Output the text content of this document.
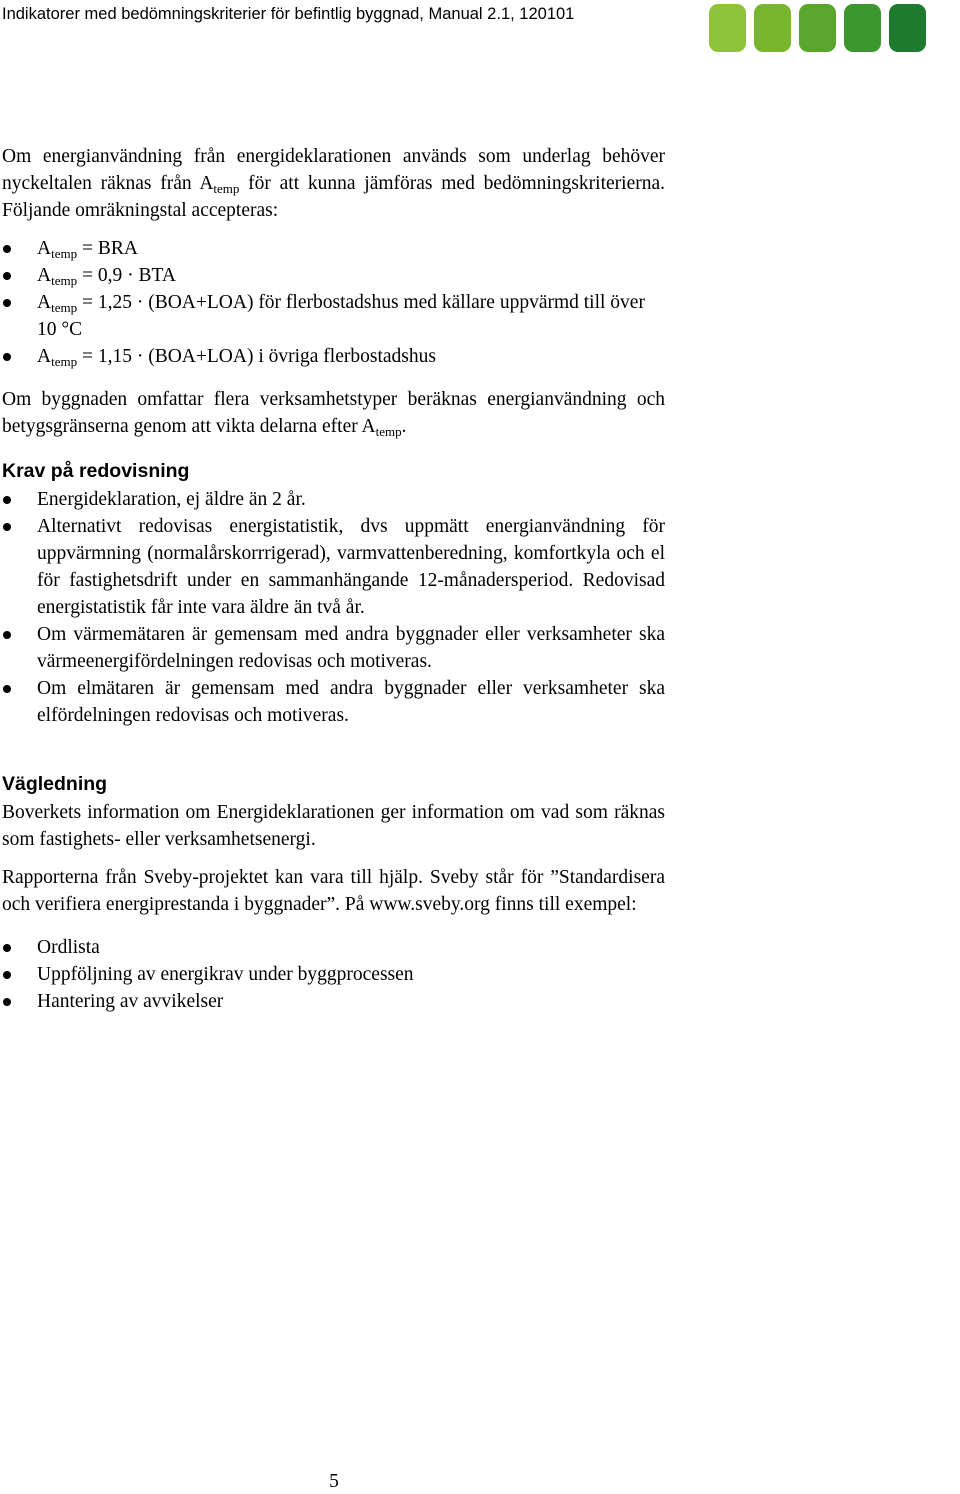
Indikatorer med bedömningskriterier för befintlig byggnad, Manual 2.1, 120101

Om energianvändning från energideklarationen används som underlag behöver nyckeltalen räknas från $A_{temp}$ för att kunna jämföras med bedömningskriterierna. Följande omräkningstal accepteras:

$A_{temp}$ = BRA
$A_{temp} = 0,9$ · BTA
$A_{temp} = 1,25 \cdot (BOA+LOA)$ för flerbostadshus med källare uppvärmd till över 10 °C
$A_{temp} = 1,15 \cdot (BOA+LOA)$ i övriga flerbostadshus

Om byggnaden omfattar flera verksamhetstyper beräknas energianvändning och betygsgränserna genom att vikta delarna efter $A_{temp}$.

Krav på redovisning
Energideklaration, ej äldre än 2 år.
Alternativt redovisas energistatistik, dvs uppmätt energianvändning för uppvärmning (normalårskorrrigerad), varmvattenberedning, komfortkyla och el för fastighetsdrift under en sammanhängande 12-månadersperiod. Redovisad energistatistik får inte vara äldre än två år.
Om värmemätaren är gemensam med andra byggnader eller verksamheter ska värmeenergifördelningen redovisas och motiveras.
Om elmätaren är gemensam med andra byggnader eller verksamheter ska elfördelningen redovisas och motiveras.
Vägledning

Boverkets information om Energideklarationen ger information om vad som räknas som fastighets- eller verksamhetsenergi.

Rapporterna från Sveby-projektet kan vara till hjälp. Sveby står för ”Standardisera och verifiera energiprestanda i byggnader”. På www.sveby.org finns till exempel:

Ordlista
Uppföljning av energikrav under byggprocessen
Hantering av avvikelser
5
